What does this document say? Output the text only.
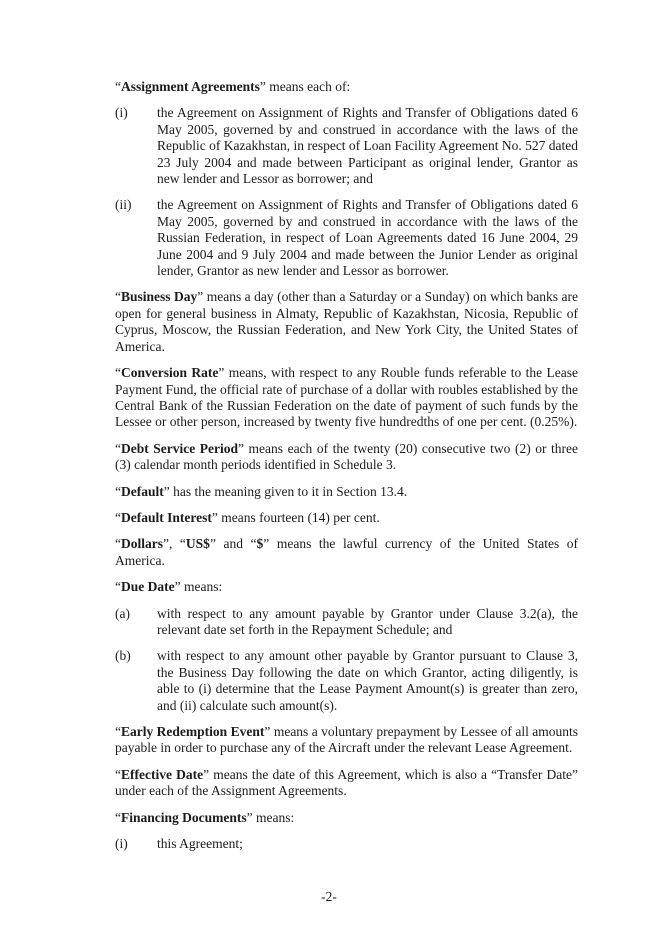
“Assignment Agreements” means each of:

(i)	the Agreement on Assignment of Rights and Transfer of Obligations dated 6 May 2005, governed by and construed in accordance with the laws of the Republic of Kazakhstan, in respect of Loan Facility Agreement No. 527 dated 23 July 2004 and made between Participant as original lender, Grantor as new lender and Lessor as borrower; and
(ii)	the Agreement on Assignment of Rights and Transfer of Obligations dated 6 May 2005, governed by and construed in accordance with the laws of the Russian Federation, in respect of Loan Agreements dated 16 June 2004, 29 June 2004 and 9 July 2004 and made between the Junior Lender as original lender, Grantor as new lender and Lessor as borrower.

“Business Day” means a day (other than a Saturday or a Sunday) on which banks are open for general business in Almaty, Republic of Kazakhstan, Nicosia, Republic of Cyprus, Moscow, the Russian Federation, and New York City, the United States of America.

“Conversion Rate” means, with respect to any Rouble funds referable to the Lease Payment Fund, the official rate of purchase of a dollar with roubles established by the Central Bank of the Russian Federation on the date of payment of such funds by the Lessee or other person, increased by twenty five hundredths of one per cent. (0.25%).

“Debt Service Period” means each of the twenty (20) consecutive two (2) or three (3) calendar month periods identified in Schedule 3.

“Default” has the meaning given to it in Section 13.4.

“Default Interest” means fourteen (14) per cent.

“Dollars”, “US$” and “$” means the lawful currency of the United States of America.

“Due Date” means:

(a)	with respect to any amount payable by Grantor under Clause 3.2(a), the relevant date set forth in the Repayment Schedule; and
(b)	with respect to any amount other payable by Grantor pursuant to Clause 3, the Business Day following the date on which Grantor, acting diligently, is able to (i) determine that the Lease Payment Amount(s) is greater than zero, and (ii) calculate such amount(s).

“Early Redemption Event” means a voluntary prepayment by Lessee of all amounts payable in order to purchase any of the Aircraft under the relevant Lease Agreement.

“Effective Date” means the date of this Agreement, which is also a “Transfer Date” under each of the Assignment Agreements.

“Financing Documents” means:

(i)	this Agreement;
-2-
